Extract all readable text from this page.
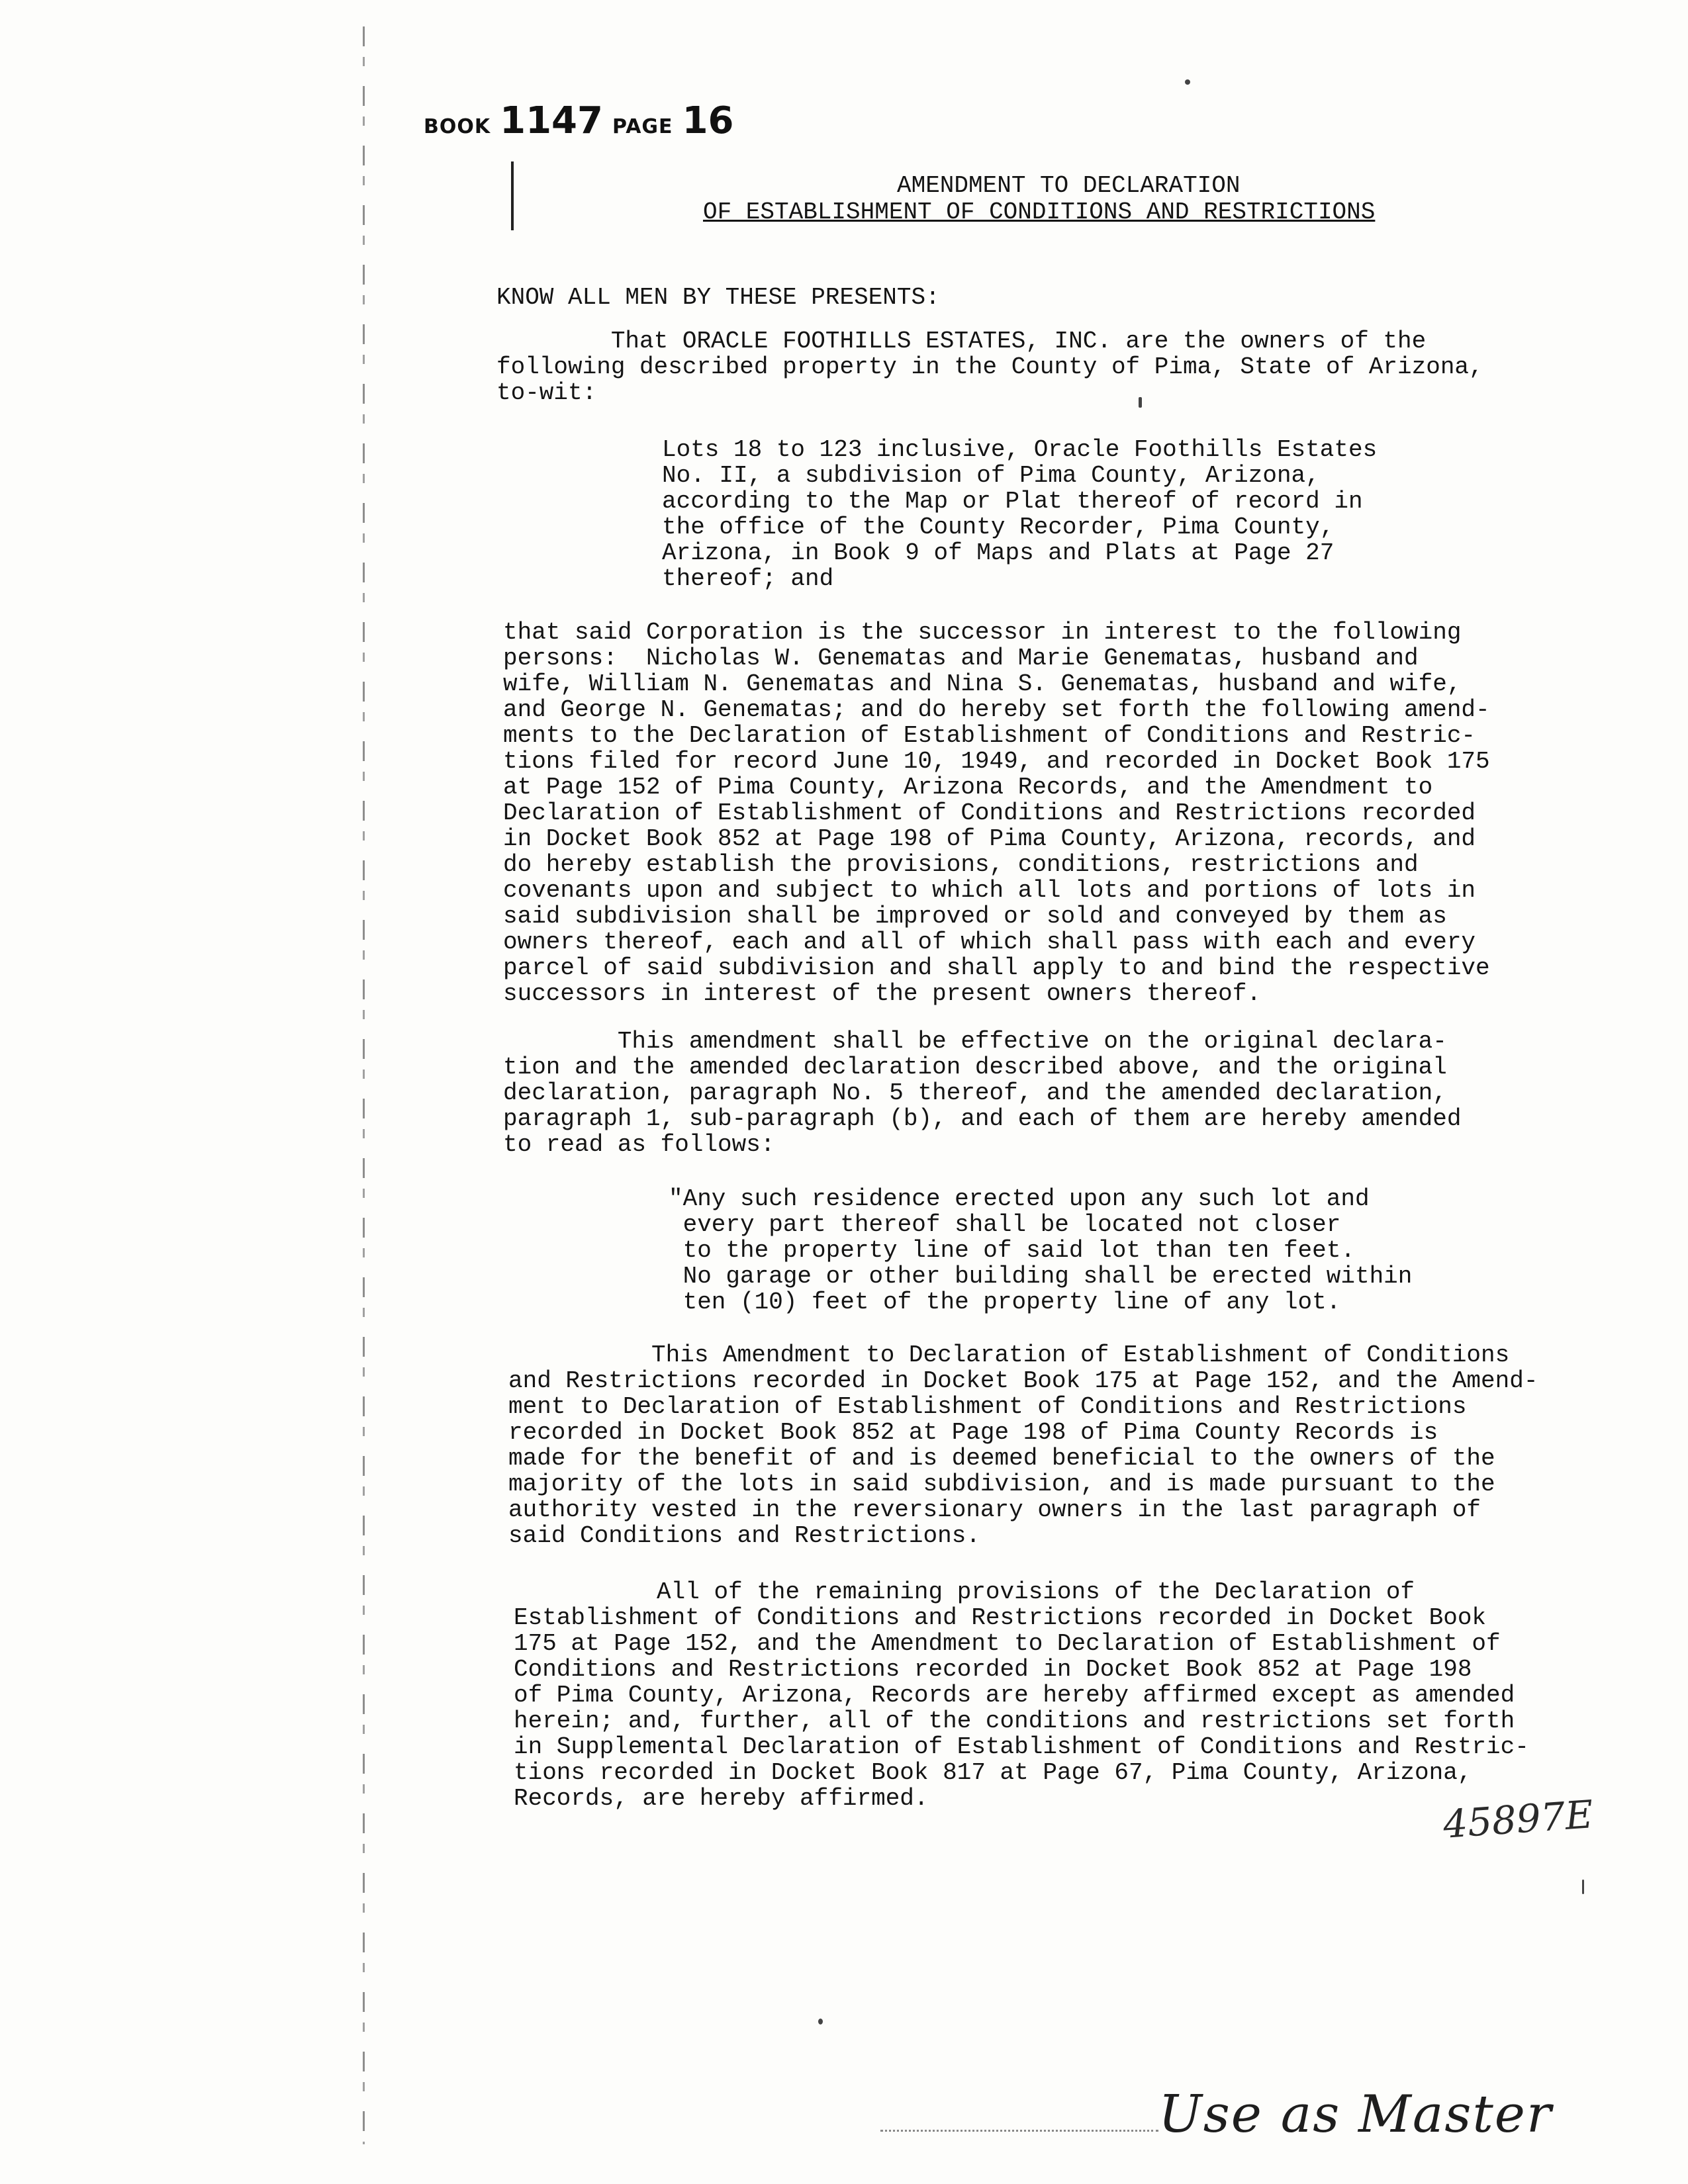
BOOK 1147 PAGE 16
AMENDMENT TO DECLARATION
OF ESTABLISHMENT OF CONDITIONS AND RESTRICTIONS
KNOW ALL MEN BY THESE PRESENTS:
That ORACLE FOOTHILLS ESTATES, INC. are the owners of the
following described property in the County of Pima, State of Arizona,
to-wit:
Lots 18 to 123 inclusive, Oracle Foothills Estates
No. II, a subdivision of Pima County, Arizona,
according to the Map or Plat thereof of record in
the office of the County Recorder, Pima County,
Arizona, in Book 9 of Maps and Plats at Page 27
thereof; and
that said Corporation is the successor in interest to the following
persons:  Nicholas W. Genematas and Marie Genematas, husband and
wife, William N. Genematas and Nina S. Genematas, husband and wife,
and George N. Genematas; and do hereby set forth the following amend-
ments to the Declaration of Establishment of Conditions and Restric-
tions filed for record June 10, 1949, and recorded in Docket Book 175
at Page 152 of Pima County, Arizona Records, and the Amendment to
Declaration of Establishment of Conditions and Restrictions recorded
in Docket Book 852 at Page 198 of Pima County, Arizona, records, and
do hereby establish the provisions, conditions, restrictions and
covenants upon and subject to which all lots and portions of lots in
said subdivision shall be improved or sold and conveyed by them as
owners thereof, each and all of which shall pass with each and every
parcel of said subdivision and shall apply to and bind the respective
successors in interest of the present owners thereof.
This amendment shall be effective on the original declara-
tion and the amended declaration described above, and the original
declaration, paragraph No. 5 thereof, and the amended declaration,
paragraph 1, sub-paragraph (b), and each of them are hereby amended
to read as follows:
"Any such residence erected upon any such lot and
every part thereof shall be located not closer
to the property line of said lot than ten feet.
No garage or other building shall be erected within
ten (10) feet of the property line of any lot.
This Amendment to Declaration of Establishment of Conditions
and Restrictions recorded in Docket Book 175 at Page 152, and the Amend-
ment to Declaration of Establishment of Conditions and Restrictions
recorded in Docket Book 852 at Page 198 of Pima County Records is
made for the benefit of and is deemed beneficial to the owners of the
majority of the lots in said subdivision, and is made pursuant to the
authority vested in the reversionary owners in the last paragraph of
said Conditions and Restrictions.
All of the remaining provisions of the Declaration of
Establishment of Conditions and Restrictions recorded in Docket Book
175 at Page 152, and the Amendment to Declaration of Establishment of
Conditions and Restrictions recorded in Docket Book 852 at Page 198
of Pima County, Arizona, Records are hereby affirmed except as amended
herein; and, further, all of the conditions and restrictions set forth
in Supplemental Declaration of Establishment of Conditions and Restric-
tions recorded in Docket Book 817 at Page 67, Pima County, Arizona,
Records, are hereby affirmed.	45897E
Use as Master
